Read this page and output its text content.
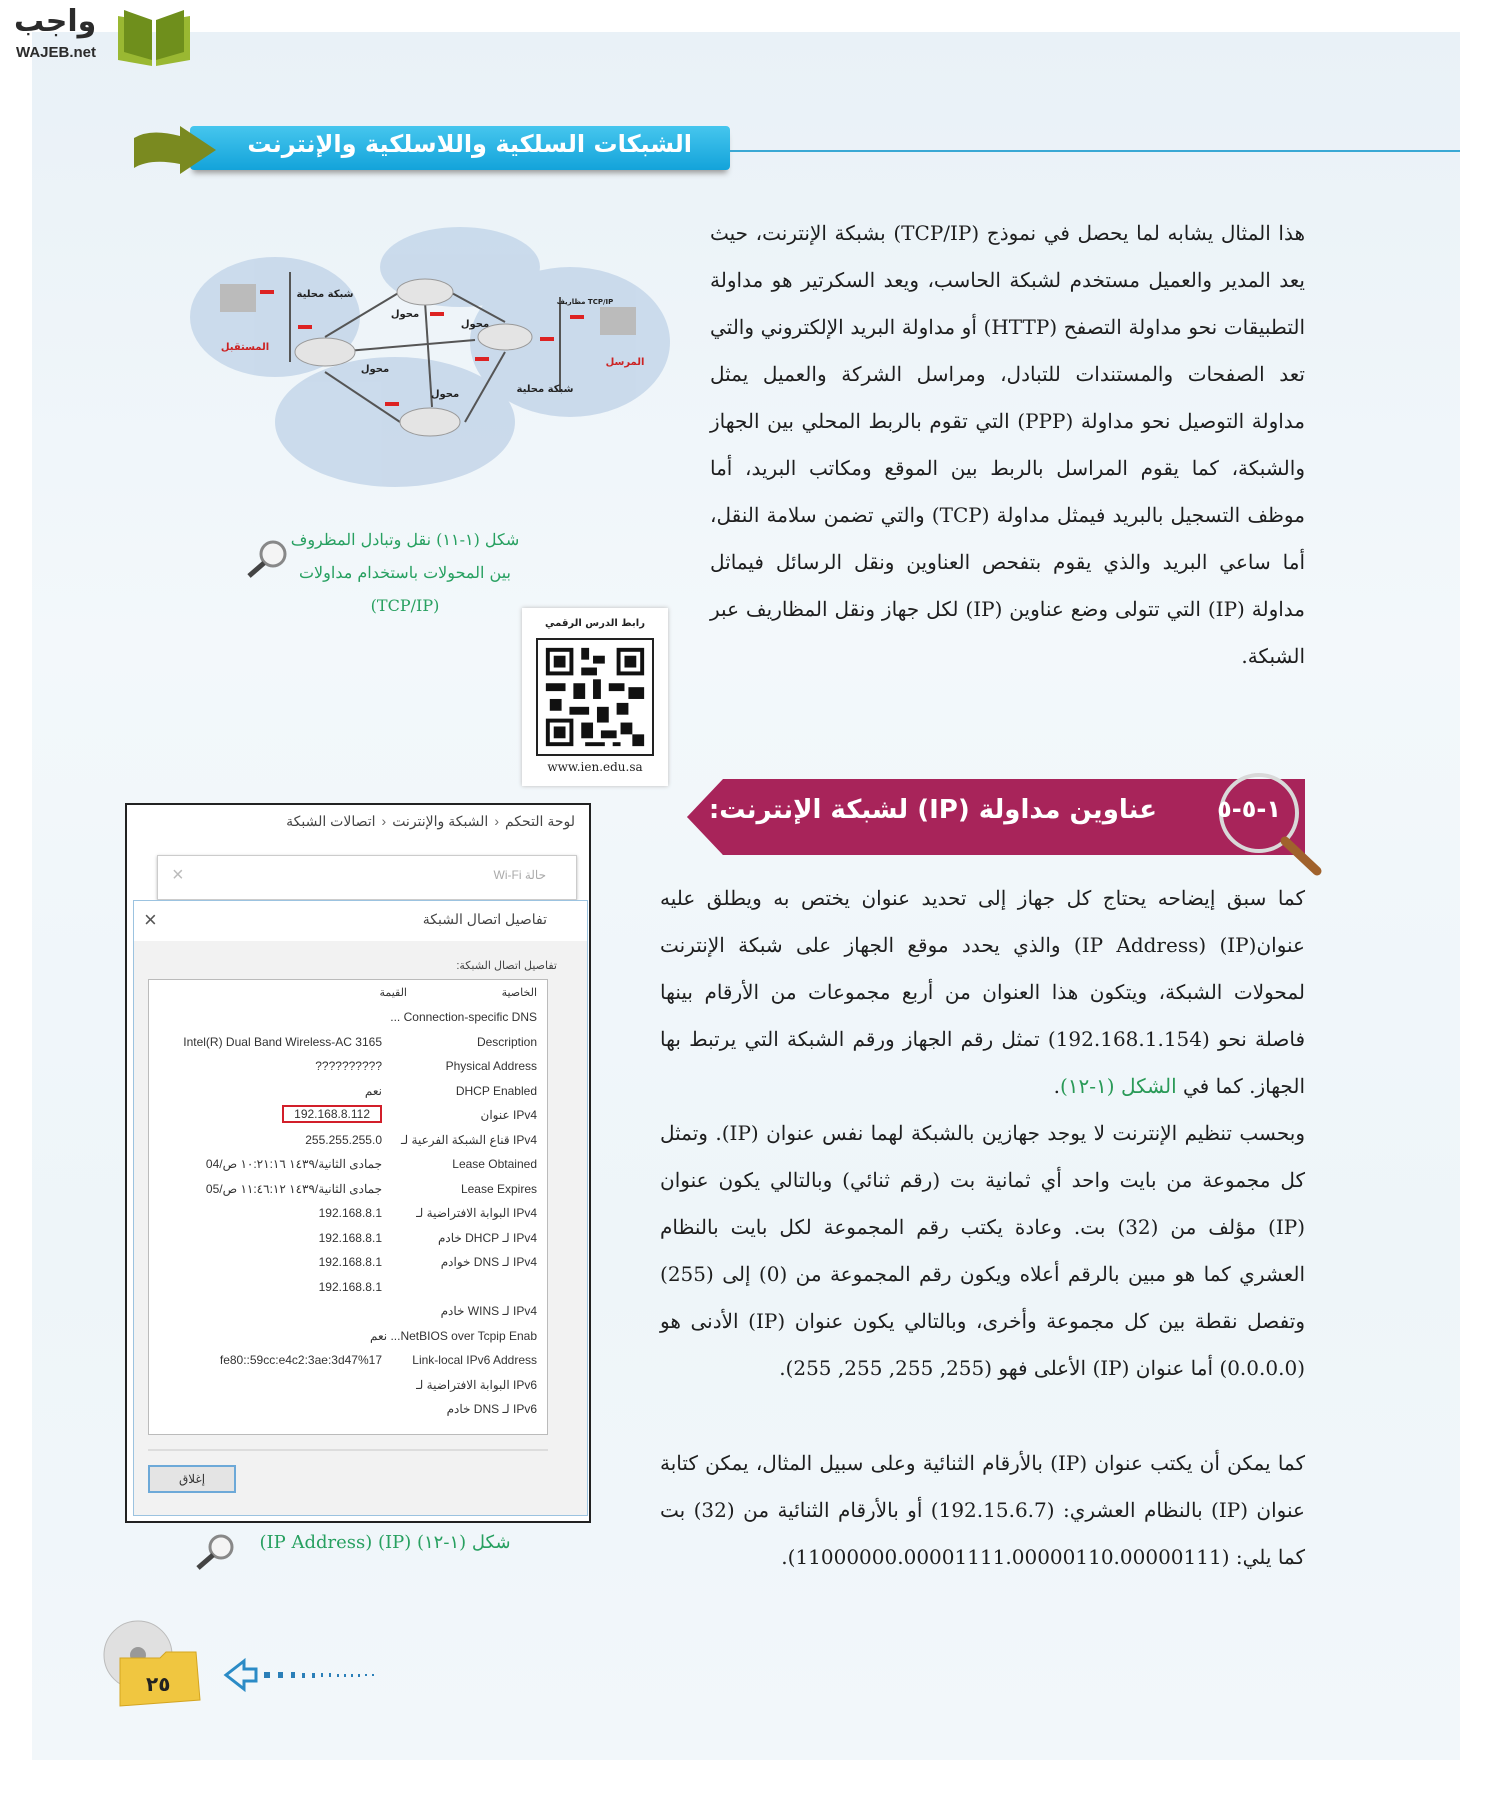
واجب
WAJEB.net
الشبكات السلكية واللاسلكية والإنترنت
هذا المثال يشابه لما يحصل في نموذج (TCP/IP) بشبكة الإنترنت، حيث يعد المدير والعميل مستخدم لشبكة الحاسب، ويعد السكرتير هو مداولة التطبيقات نحو مداولة التصفح (HTTP) أو مداولة البريد الإلكتروني والتي تعد الصفحات والمستندات للتبادل، ومراسل الشركة والعميل يمثل مداولة التوصيل نحو مداولة (PPP) التي تقوم بالربط المحلي بين الجهاز والشبكة، كما يقوم المراسل بالربط بين الموقع ومكاتب البريد، أما موظف التسجيل بالبريد فيمثل مداولة (TCP) والتي تضمن سلامة النقل، أما ساعي البريد والذي يقوم بتفحص العناوين ونقل الرسائل فيماثل مداولة (IP) التي تتولى وضع عناوين (IP) لكل جهاز ونقل المظاريف عبر الشبكة.
شبكة محلية
شبكة محلية
محول
محول
محول
محول
مظاريف TCP/IP
المستقبل
المرسل
شكل (١-١١) نقل وتبادل المظروف
بين المحولات باستخدام مداولات
(TCP/IP)
رابط الدرس الرقمي
www.ien.edu.sa
عناوين مداولة (IP) لشبكة الإنترنت:	١-٥-٥
كما سبق إيضاحه يحتاج كل جهاز إلى تحديد عنوان يختص به ويطلق عليه عنوان(IP) (IP Address) والذي يحدد موقع الجهاز على شبكة الإنترنت لمحولات الشبكة، ويتكون هذا العنوان من أربع مجموعات من الأرقام بينها فاصلة نحو (192.168.1.154) تمثل رقم الجهاز ورقم الشبكة التي يرتبط بها الجهاز. كما في الشكل (١-١٢).
وبحسب تنظيم الإنترنت لا يوجد جهازين بالشبكة لهما نفس عنوان (IP). وتمثل كل مجموعة من بايت واحد أي ثمانية بت (رقم ثنائي) وبالتالي يكون عنوان (IP) مؤلف من (32) بت. وعادة يكتب رقم المجموعة لكل بايت بالنظام العشري كما هو مبين بالرقم أعلاه ويكون رقم المجموعة من (0) إلى (255) وتفصل نقطة بين كل مجموعة وأخرى، وبالتالي يكون عنوان (IP) الأدنى هو (0.0.0.0) أما عنوان (IP) الأعلى فهو (255, 255, 255, 255).
كما يمكن أن يكتب عنوان (IP) بالأرقام الثنائية وعلى سبيل المثال، يمكن كتابة عنوان (IP) بالنظام العشري: (192.15.6.7) أو بالأرقام الثنائية من (32) بت كما يلي: (11000000.00001111.00000110.00000111).
لوحة التحكم‹الشبكة والإنترنت‹اتصالات الشبكة
حالة Wi-Fi
×
تفاصيل اتصال الشبكة
×
تفاصيل اتصال الشبكة:
الخاصية
القيمة
Connection-specific DNS ...
Description
Intel(R) Dual Band Wireless-AC 3165
Physical Address
??????????
DHCP Enabled
نعم
IPv4 عنوان
192.168.8.112
IPv4 قناع الشبكة الفرعية لـ
255.255.255.0
Lease Obtained
جمادى الثانية/١٤٣٩ ١٠:٢١:١٦ ص/04
Lease Expires
جمادى الثانية/١٤٣٩ ١١:٤٦:١٢ ص/05
IPv4 البوابة الافتراضية لـ
192.168.8.1
IPv4 لـ DHCP خادم
192.168.8.1
IPv4 لـ DNS خوادم
192.168.8.1
192.168.8.1
IPv4 لـ WINS خادم
NetBIOS over Tcpip Enab... نعم
Link-local IPv6 Address
fe80::59cc:e4c2:3ae:3d47%17
IPv6 البوابة الافتراضية لـ
IPv6 لـ DNS خادم
إغلاق
شكل (١-١٢) (IP) (IP Address)
٢٥
